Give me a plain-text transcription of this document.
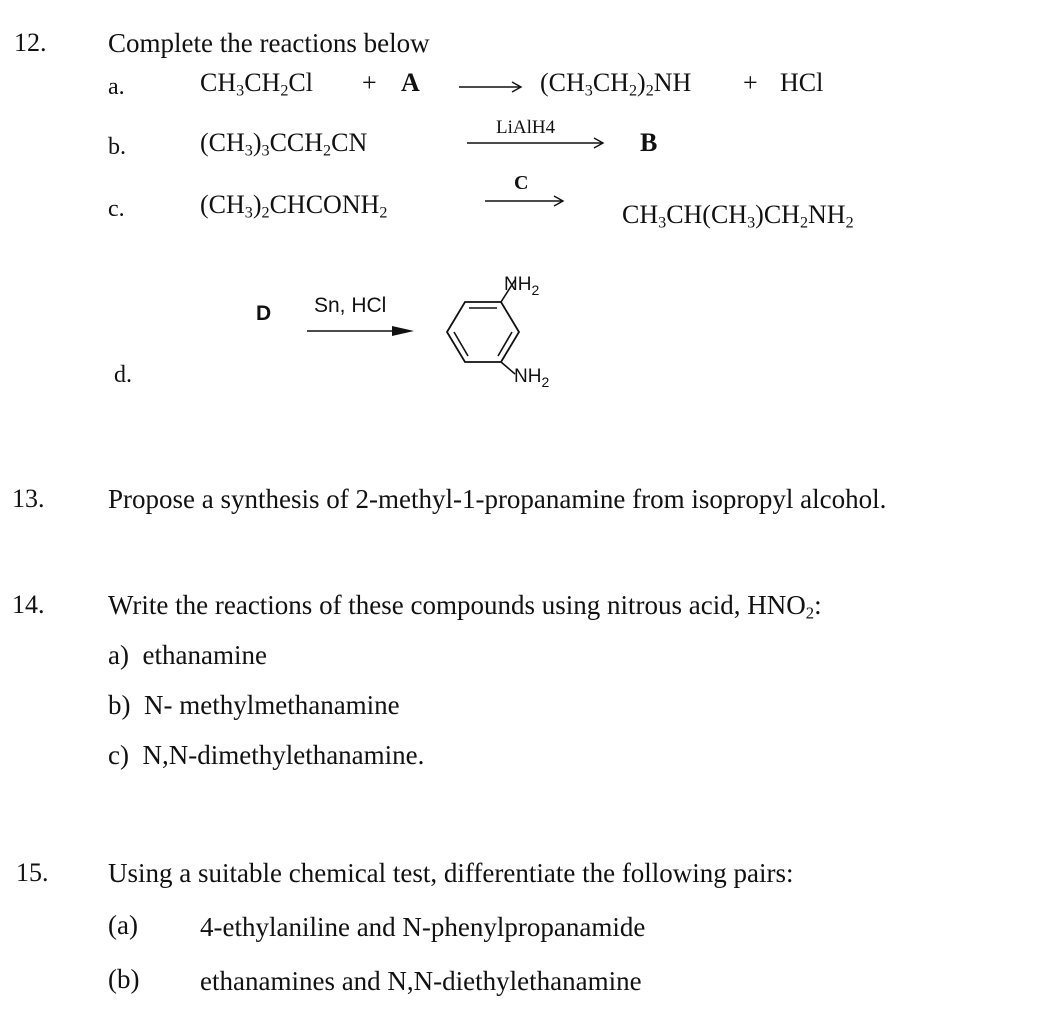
12. Complete the reactions below
a.	$CH_3CH_2Cl + A$	$(CH_3CH_2)_2NH$ + HCl
b.	$(CH_3)_3CCH_2CN$
LiAlH4
B
c.	$(CH_3)_2CHCONH_2$
C
$CH_3CH(CH_3)CH_2NH_2$
d.
D Sn, HCl
$NH_2$
$NH_2$
13. Propose a synthesis of 2-methyl-1-propanamine from isopropyl alcohol.
14. Write the reactions of these compounds using nitrous acid, $HNO_2$:
a) ethanamine
b) N- methylmethanamine
c) N,N-dimethylethanamine.
15. Using a suitable chemical test, differentiate the following pairs:
(a) 4-ethylaniline and N-phenylpropanamide
(b) ethanamines and N,N-diethylethanamine
